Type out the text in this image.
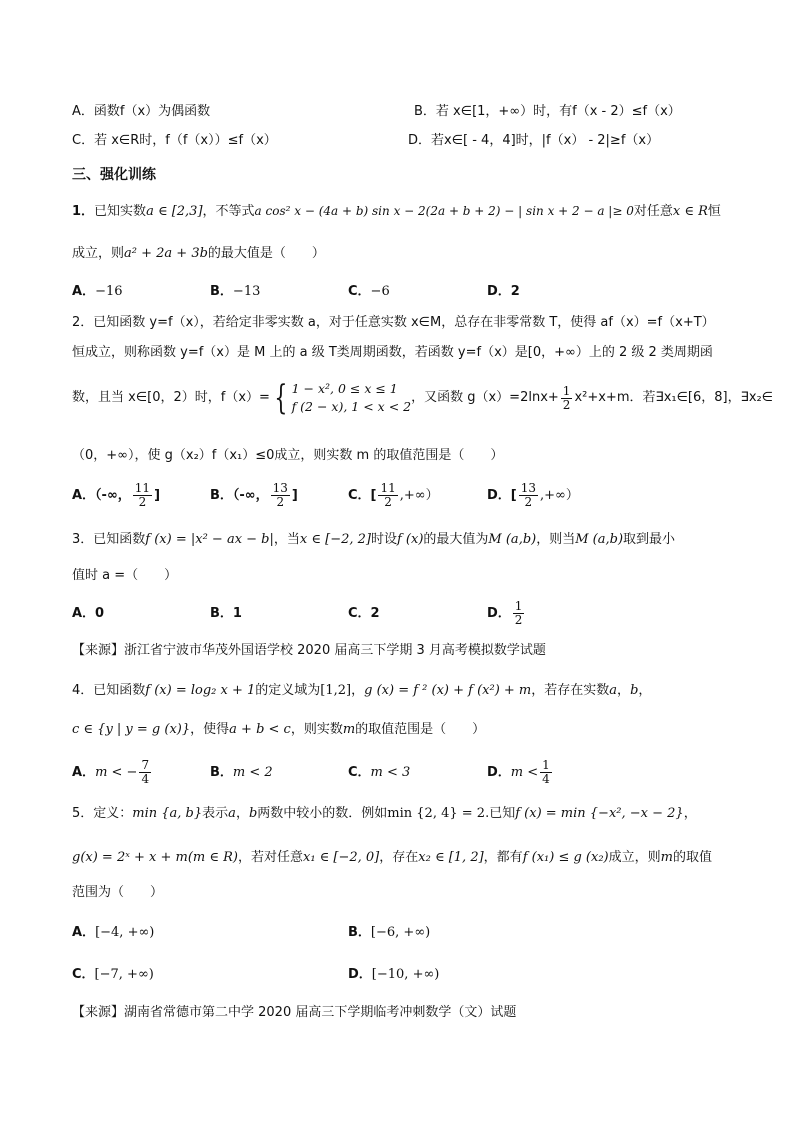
A．函数f（x）为偶函数	B．若 x∈[1，+∞）时，有f（x - 2）≤f（x）
C．若 x∈R时，f（f（x））≤f（x）	D．若x∈[ - 4，4]时，|f（x） - 2|≥f（x）
三、强化训练
1．已知实数a ∈ [2,3]，不等式a cos² x − (4a + b) sin x − 2(2a + b + 2) − | sin x + 2 − a |≥ 0对任意x ∈ R恒
成立，则a² + 2a + 3b的最大值是（　　）
A．−16	B．−13	C．−6	D．2
2．已知函数 y=f（x），若给定非零实数 a，对于任意实数 x∈M，总存在非零常数 T，使得 af（x）=f（x+T）
恒成立，则称函数 y=f（x）是 M 上的 a 级 T类周期函数，若函数 y=f（x）是[0，+∞）上的 2 级 2 类周期函
数，且当 x∈[0，2）时，f（x）= { 1 − x², 0 ≤ x ≤ 1
f (2 − x), 1 < x < 2
，又函数 $g(x)=2\ln x+ \frac{1}{2} x^2+x+m$．若∃x₁∈[6，8]，∃x₂∈
（0，+∞），使 g（x₂）f（x₁）≤0成立，则实数 m 的取值范围是（　　）
A．（-∞， $\frac{11}{2}$ ]	B．（-∞， $\frac{13}{2}$ ]	C．[ $\frac{11}{2}$ ,+∞）	D．[ $\frac{13}{2}$ ,+∞）
3．已知函数f (x) = |x² − ax − b|，当x ∈ [−2, 2]时设f (x)的最大值为M (a,b)，则当M (a,b)取到最小
值时 a =（　　）
A．0	B．1	C．2	D． $\frac{1}{2}$
【来源】浙江省宁波市华茂外国语学校 2020 届高三下学期 3 月高考模拟数学试题
4．已知函数f (x) = log₂ x + 1的定义域为[1,2]，g (x) = f ² (x) + f (x²) + m，若存在实数a，b，
c ∈ {y | y = g (x)}，使得a + b < c，则实数m的取值范围是（　　）
A．m < − $\frac{7}{4}$	B．m < 2	C．m < 3	D．$m < \frac{1}{4}$
5．定义：min {a, b}表示a，b两数中较小的数．例如min {2, 4} = 2.已知f (x) = min {−x², −x − 2}，
g(x) = 2ˣ + x + m(m ∈ R)，若对任意x₁ ∈ [−2, 0]，存在x₂ ∈ [1, 2]，都有f (x₁) ≤ g (x₂)成立，则m的取值
范围为（　　）
A．[−4, +∞)	B．[−6, +∞)
C．[−7, +∞)	D．[−10, +∞)
【来源】湖南省常德市第二中学 2020 届高三下学期临考冲刺数学（文）试题
